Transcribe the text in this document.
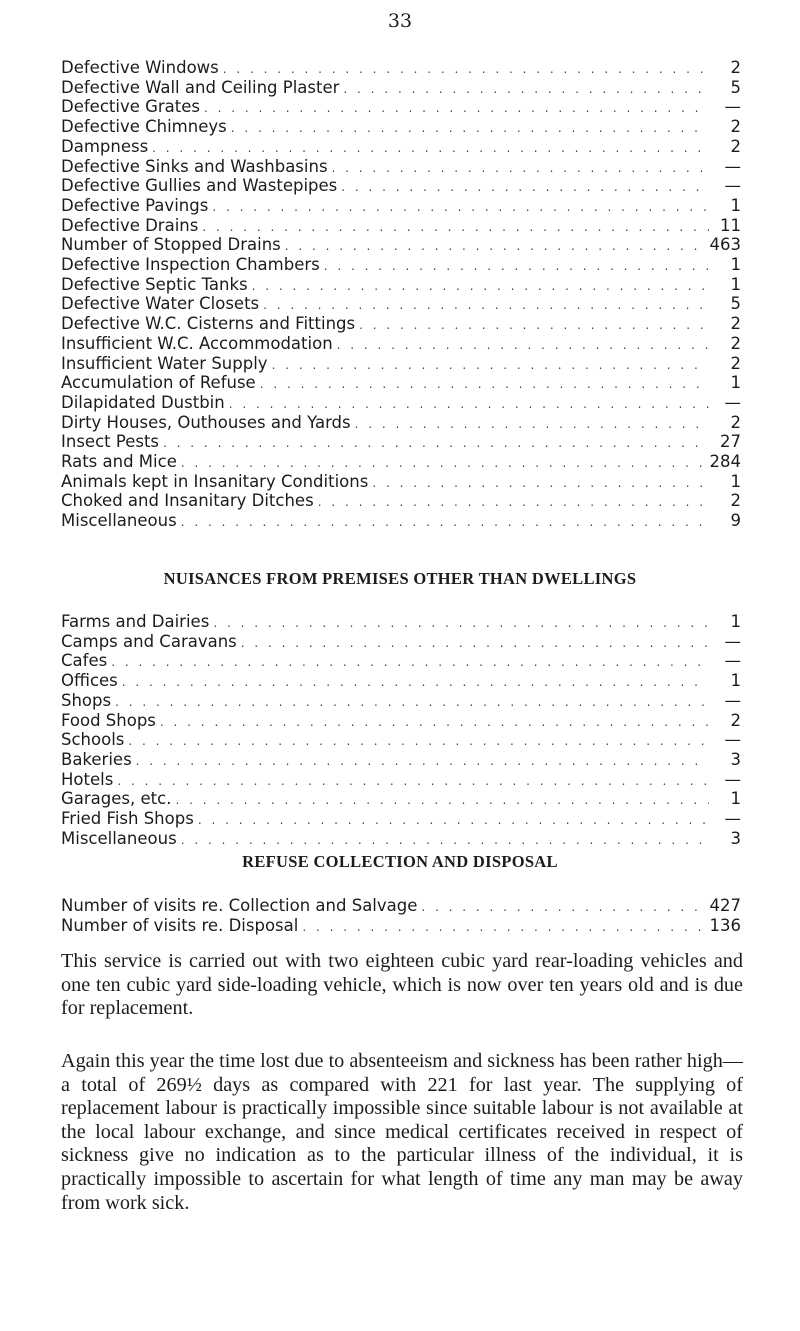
33
Defective Windows . . .	2
Defective Wall and Ceiling Plaster . . .	5
Defective Grates . . .	—
Defective Chimneys . . .	2
Dampness . . .	2
Defective Sinks and Washbasins . . .	—
Defective Gullies and Wastepipes . . .	—
Defective Pavings . . .	1
Defective Drains . . .	11
Number of Stopped Drains . . .	463
Defective Inspection Chambers . . .	1
Defective Septic Tanks . . .	1
Defective Water Closets . . .	5
Defective W.C. Cisterns and Fittings . . .	2
Insufficient W.C. Accommodation . . .	2
Insufficient Water Supply . . .	2
Accumulation of Refuse . . .	1
Dilapidated Dustbin . . .	—
Dirty Houses, Outhouses and Yards . . .	2
Insect Pests . . .	27
Rats and Mice . . .	284
Animals kept in Insanitary Conditions . . .	1
Choked and Insanitary Ditches . . .	2
Miscellaneous . . .	9
NUISANCES FROM PREMISES OTHER THAN DWELLINGS
Farms and Dairies . . .	1
Camps and Caravans . . .	—
Cafes . . .	—
Offices . . .	1
Shops . . .	—
Food Shops . . .	2
Schools . . .	—
Bakeries . . .	3
Hotels . . .	—
Garages, etc. . . .	1
Fried Fish Shops . . .	—
Miscellaneous . . .	3
REFUSE COLLECTION AND DISPOSAL
Number of visits re. Collection and Salvage . . .	427
Number of visits re. Disposal . . .	136

This service is carried out with two eighteen cubic yard rear-loading vehicles and one ten cubic yard side-loading vehicle, which is now over ten years old and is due for replacement.

Again this year the time lost due to absenteeism and sickness has been rather high—a total of 269½ days as compared with 221 for last year. The supplying of replacement labour is practically impossible since suitable labour is not available at the local labour exchange, and since medical certificates received in respect of sickness give no indication as to the particular illness of the individual, it is practically impossible to ascertain for what length of time any man may be away from work sick.
